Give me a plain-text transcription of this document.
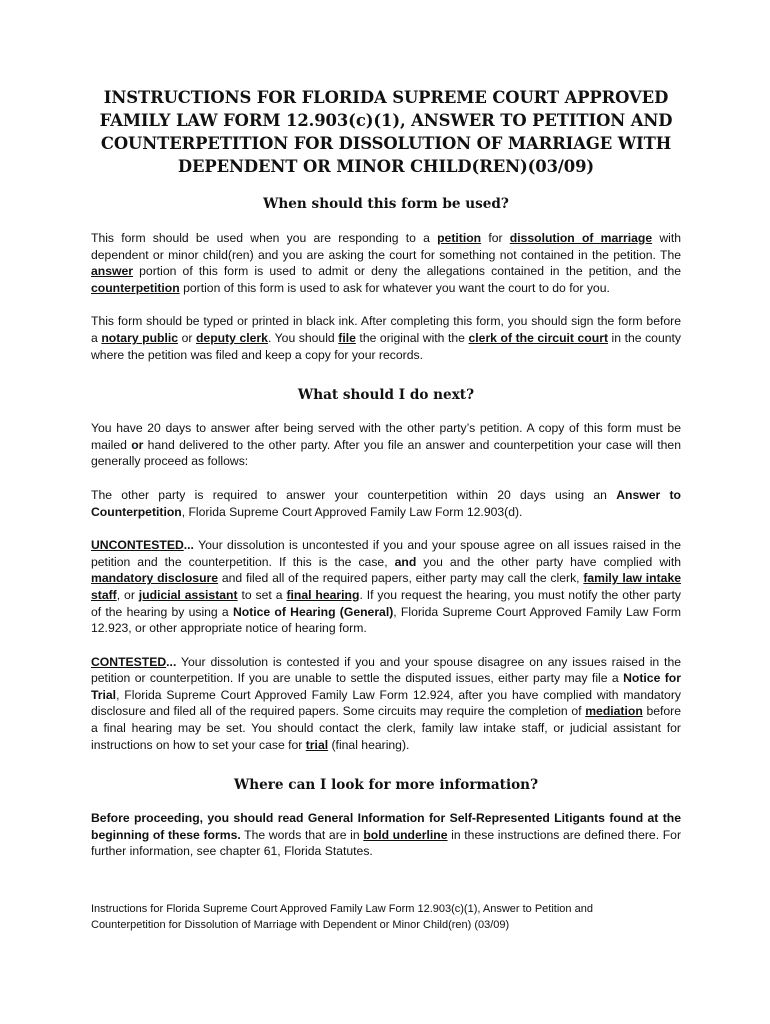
INSTRUCTIONS FOR FLORIDA SUPREME COURT APPROVED FAMILY LAW FORM 12.903(c)(1), ANSWER TO PETITION AND COUNTERPETITION FOR DISSOLUTION OF MARRIAGE WITH DEPENDENT OR MINOR CHILD(REN)(03/09)
When should this form be used?

This form should be used when you are responding to a petition for dissolution of marriage with dependent or minor child(ren) and you are asking the court for something not contained in the petition. The answer portion of this form is used to admit or deny the allegations contained in the petition, and the counterpetition portion of this form is used to ask for whatever you want the court to do for you.

This form should be typed or printed in black ink. After completing this form, you should sign the form before a notary public or deputy clerk. You should file the original with the clerk of the circuit court in the county where the petition was filed and keep a copy for your records.

What should I do next?

You have 20 days to answer after being served with the other party’s petition. A copy of this form must be mailed or hand delivered to the other party. After you file an answer and counterpetition your case will then generally proceed as follows:

The other party is required to answer your counterpetition within 20 days using an Answer to Counterpetition, Florida Supreme Court Approved Family Law Form 12.903(d).

UNCONTESTED... Your dissolution is uncontested if you and your spouse agree on all issues raised in the petition and the counterpetition. If this is the case, and you and the other party have complied with mandatory disclosure and filed all of the required papers, either party may call the clerk, family law intake staff, or judicial assistant to set a final hearing. If you request the hearing, you must notify the other party of the hearing by using a Notice of Hearing (General), Florida Supreme Court Approved Family Law Form 12.923, or other appropriate notice of hearing form.

CONTESTED... Your dissolution is contested if you and your spouse disagree on any issues raised in the petition or counterpetition. If you are unable to settle the disputed issues, either party may file a Notice for Trial, Florida Supreme Court Approved Family Law Form 12.924, after you have complied with mandatory disclosure and filed all of the required papers. Some circuits may require the completion of mediation before a final hearing may be set. You should contact the clerk, family law intake staff, or judicial assistant for instructions on how to set your case for trial (final hearing).

Where can I look for more information?

Before proceeding, you should read General Information for Self-Represented Litigants found at the beginning of these forms. The words that are in bold underline in these instructions are defined there. For further information, see chapter 61, Florida Statutes.

Instructions for Florida Supreme Court Approved Family Law Form 12.903(c)(1), Answer to Petition and
Counterpetition for Dissolution of Marriage with Dependent or Minor Child(ren) (03/09)
